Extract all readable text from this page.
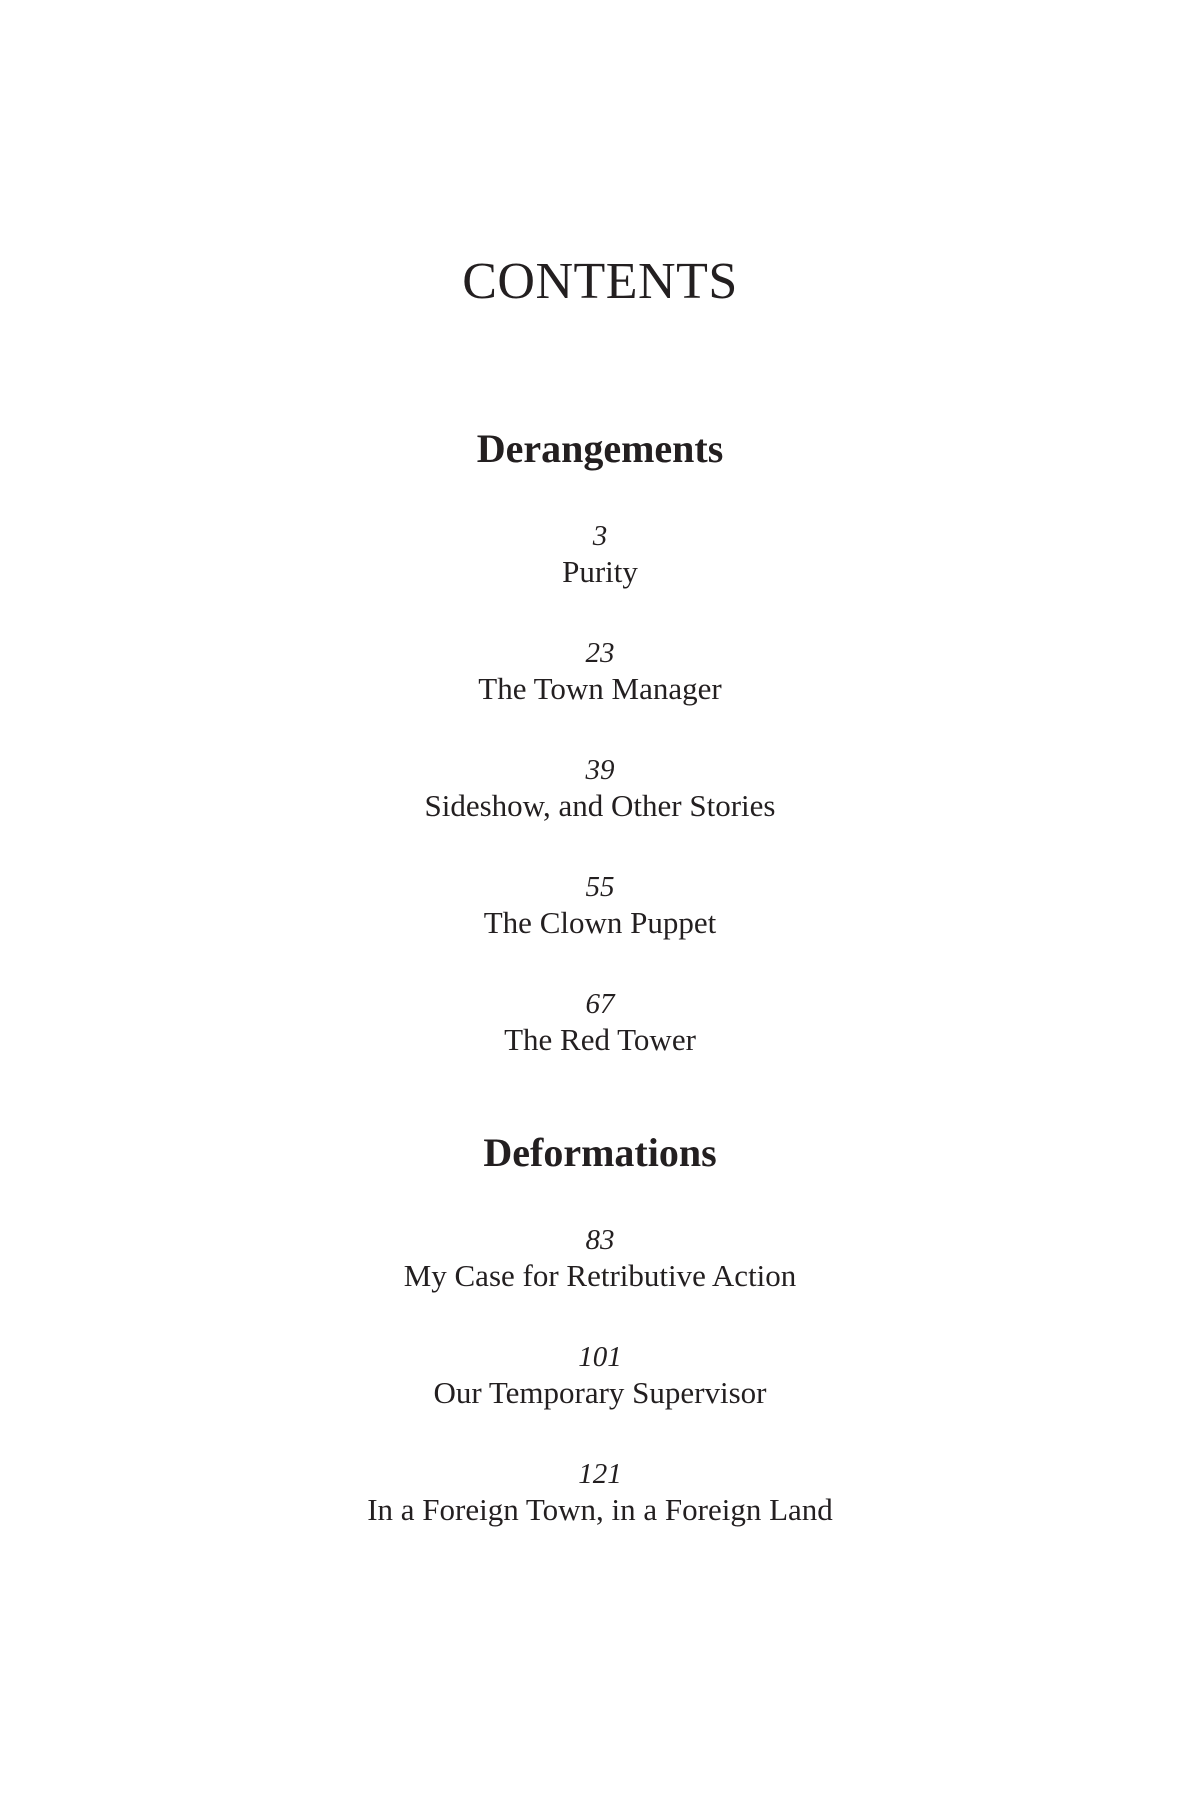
CONTENTS
Derangements
3
Purity
23
The Town Manager
39
Sideshow, and Other Stories
55
The Clown Puppet
67
The Red Tower
Deformations
83
My Case for Retributive Action
101
Our Temporary Supervisor
121
In a Foreign Town, in a Foreign Land
